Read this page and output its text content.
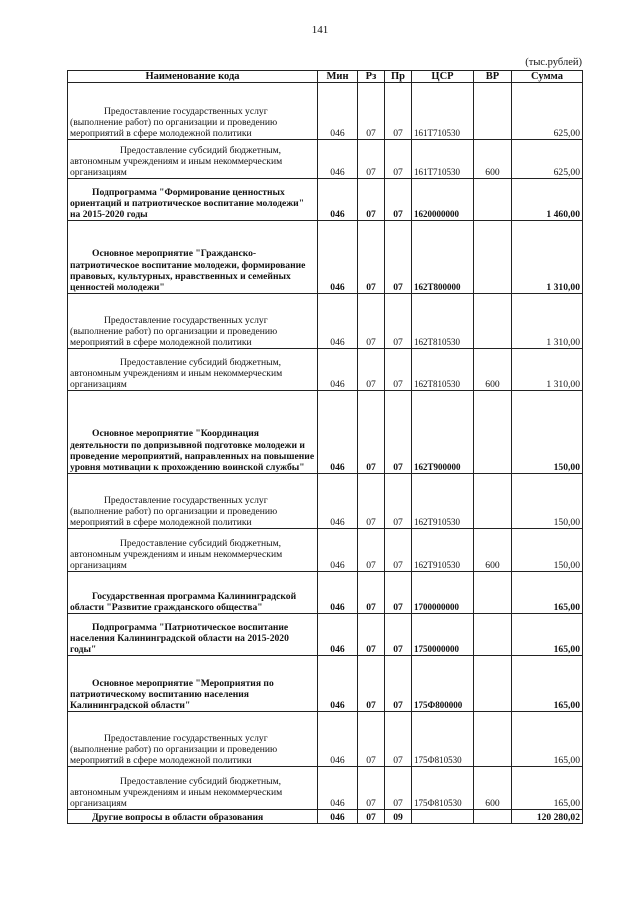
141
(тыс.рублей)
Наименование кода	Мин	Рз	Пр	ЦСР	ВР	Сумма
Предоставление государственных услуг (выполнение работ) по организации и проведению мероприятий в сфере молодежной политики	046	07	07	161Т710530		625,00
Предоставление субсидий бюджетным, автономным учреждениям и иным некоммерческим организациям	046	07	07	161Т710530	600	625,00
Подпрограмма "Формирование ценностных ориентаций и патриотическое воспитание молодежи" на 2015-2020 годы	046	07	07	1620000000		1 460,00
Основное мероприятие "Гражданско-патриотическое воспитание молодежи, формирование правовых, культурных, нравственных и семейных ценностей молодежи"	046	07	07	162Т800000		1 310,00
Предоставление государственных услуг (выполнение работ) по организации и проведению мероприятий в сфере молодежной политики	046	07	07	162Т810530		1 310,00
Предоставление субсидий бюджетным, автономным учреждениям и иным некоммерческим организациям	046	07	07	162Т810530	600	1 310,00
Основное мероприятие "Координация деятельности по допризывной подготовке молодежи и проведение мероприятий, направленных на повышение уровня мотивации к прохождению воинской службы"	046	07	07	162Т900000		150,00
Предоставление государственных услуг (выполнение работ) по организации и проведению мероприятий в сфере молодежной политики	046	07	07	162Т910530		150,00
Предоставление субсидий бюджетным, автономным учреждениям и иным некоммерческим организациям	046	07	07	162Т910530	600	150,00
Государственная программа Калининградской области "Развитие гражданского общества"	046	07	07	1700000000		165,00
Подпрограмма "Патриотическое воспитание населения Калининградской области на 2015-2020 годы"	046	07	07	1750000000		165,00
Основное мероприятие "Мероприятия по патриотическому воспитанию населения Калининградской области"	046	07	07	175Ф800000		165,00
Предоставление государственных услуг (выполнение работ) по организации и проведению мероприятий в сфере молодежной политики	046	07	07	175Ф810530		165,00
Предоставление субсидий бюджетным, автономным учреждениям и иным некоммерческим организациям	046	07	07	175Ф810530	600	165,00
Другие вопросы в области образования	046	07	09			120 280,02
